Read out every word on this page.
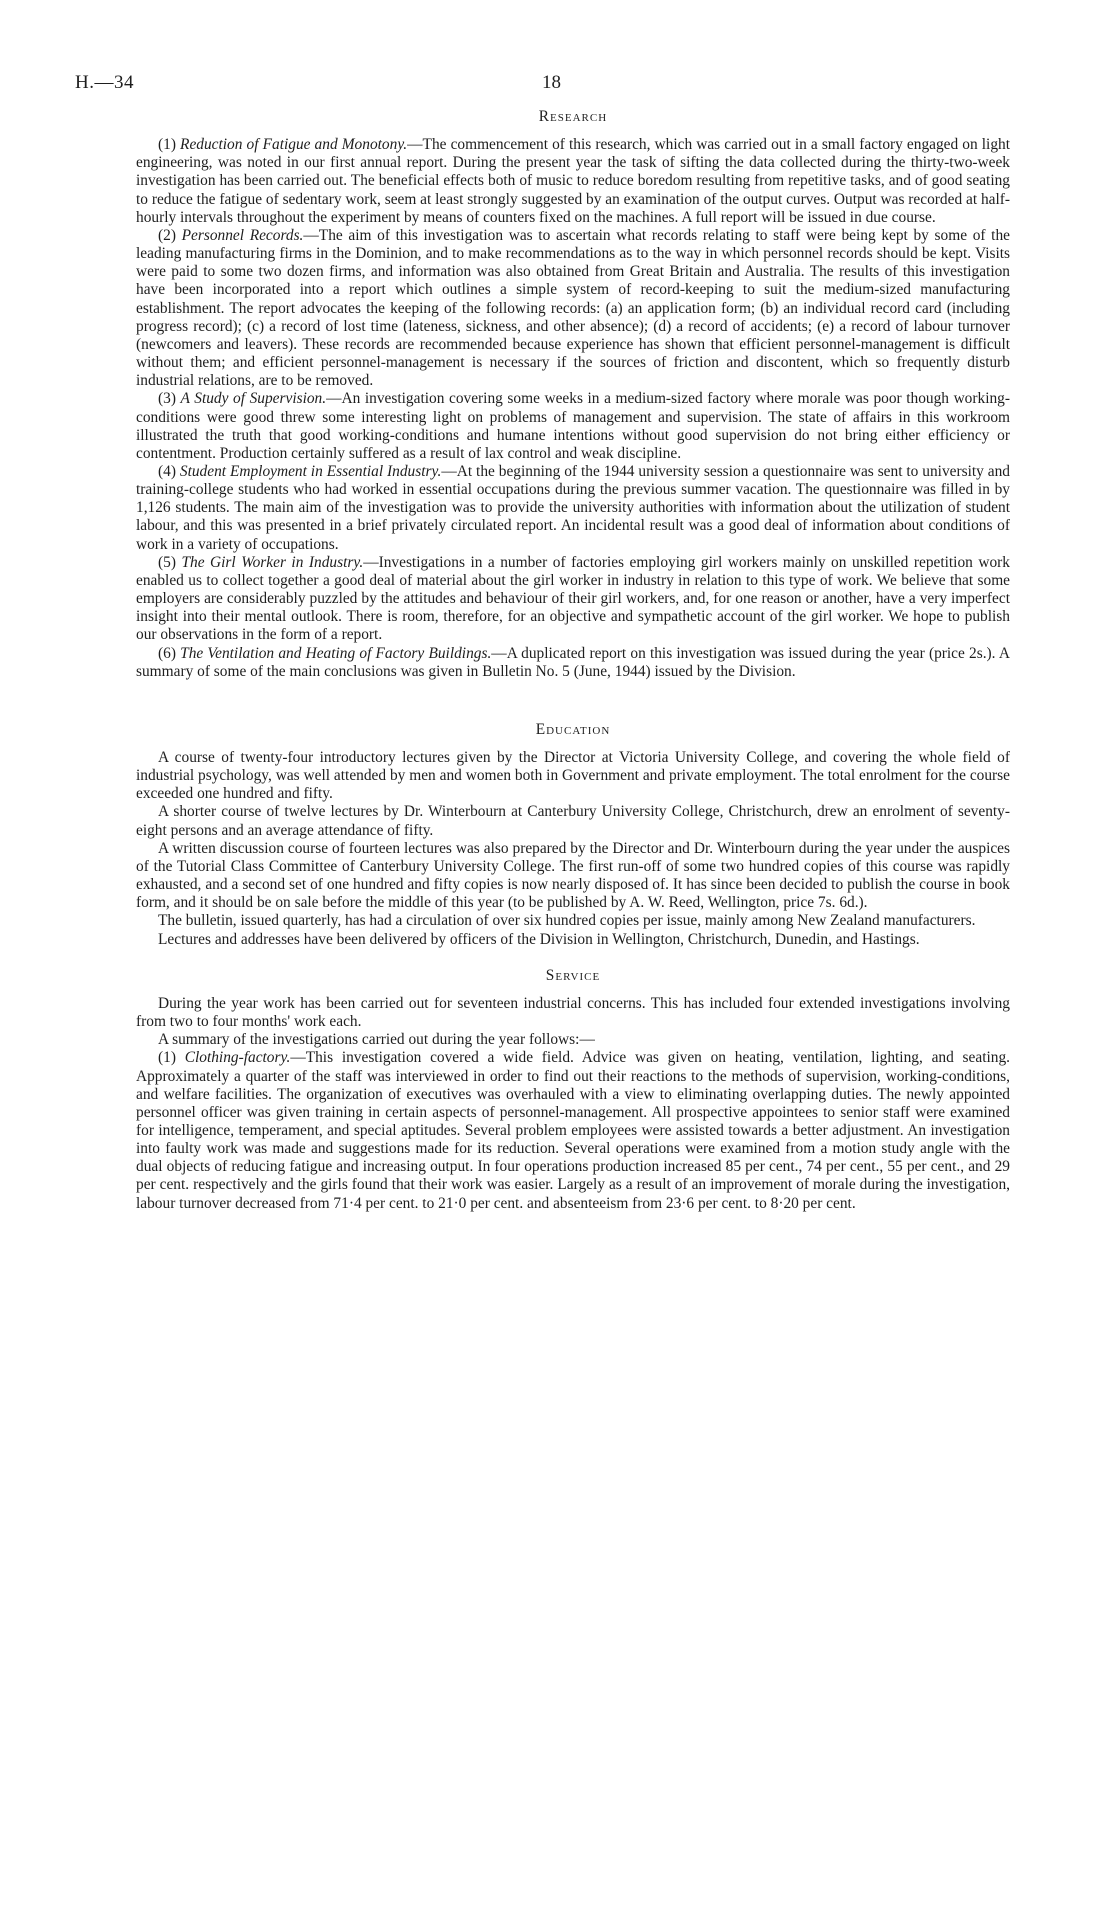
H.—34	18
Research

(1) Reduction of Fatigue and Monotony.—The commencement of this research, which was carried out in a small factory engaged on light engineering, was noted in our first annual report. During the present year the task of sifting the data collected during the thirty-two-week investigation has been carried out. The beneficial effects both of music to reduce boredom resulting from repetitive tasks, and of good seating to reduce the fatigue of sedentary work, seem at least strongly suggested by an examination of the output curves. Output was recorded at half-hourly intervals throughout the experiment by means of counters fixed on the machines. A full report will be issued in due course.

(2) Personnel Records.—The aim of this investigation was to ascertain what records relating to staff were being kept by some of the leading manufacturing firms in the Dominion, and to make recommendations as to the way in which personnel records should be kept. Visits were paid to some two dozen firms, and information was also obtained from Great Britain and Australia. The results of this investigation have been incorporated into a report which outlines a simple system of record-keeping to suit the medium-sized manufacturing establishment. The report advocates the keeping of the following records: (a) an application form; (b) an individual record card (including progress record); (c) a record of lost time (lateness, sickness, and other absence); (d) a record of accidents; (e) a record of labour turnover (newcomers and leavers). These records are recommended because experience has shown that efficient personnel-management is difficult without them; and efficient personnel-management is necessary if the sources of friction and discontent, which so frequently disturb industrial relations, are to be removed.

(3) A Study of Supervision.—An investigation covering some weeks in a medium-sized factory where morale was poor though working-conditions were good threw some interesting light on problems of management and supervision. The state of affairs in this workroom illustrated the truth that good working-conditions and humane intentions without good supervision do not bring either efficiency or contentment. Production certainly suffered as a result of lax control and weak discipline.

(4) Student Employment in Essential Industry.—At the beginning of the 1944 university session a questionnaire was sent to university and training-college students who had worked in essential occupations during the previous summer vacation. The questionnaire was filled in by 1,126 students. The main aim of the investigation was to provide the university authorities with information about the utilization of student labour, and this was presented in a brief privately circulated report. An incidental result was a good deal of information about conditions of work in a variety of occupations.

(5) The Girl Worker in Industry.—Investigations in a number of factories employing girl workers mainly on unskilled repetition work enabled us to collect together a good deal of material about the girl worker in industry in relation to this type of work. We believe that some employers are considerably puzzled by the attitudes and behaviour of their girl workers, and, for one reason or another, have a very imperfect insight into their mental outlook. There is room, therefore, for an objective and sympathetic account of the girl worker. We hope to publish our observations in the form of a report.

(6) The Ventilation and Heating of Factory Buildings.—A duplicated report on this investigation was issued during the year (price 2s.). A summary of some of the main conclusions was given in Bulletin No. 5 (June, 1944) issued by the Division.

Education

A course of twenty-four introductory lectures given by the Director at Victoria University College, and covering the whole field of industrial psychology, was well attended by men and women both in Government and private employment. The total enrolment for the course exceeded one hundred and fifty.

A shorter course of twelve lectures by Dr. Winterbourn at Canterbury University College, Christchurch, drew an enrolment of seventy-eight persons and an average attendance of fifty.

A written discussion course of fourteen lectures was also prepared by the Director and Dr. Winterbourn during the year under the auspices of the Tutorial Class Committee of Canterbury University College. The first run-off of some two hundred copies of this course was rapidly exhausted, and a second set of one hundred and fifty copies is now nearly disposed of. It has since been decided to publish the course in book form, and it should be on sale before the middle of this year (to be published by A. W. Reed, Wellington, price 7s. 6d.).

The bulletin, issued quarterly, has had a circulation of over six hundred copies per issue, mainly among New Zealand manufacturers.

Lectures and addresses have been delivered by officers of the Division in Wellington, Christchurch, Dunedin, and Hastings.

Service

During the year work has been carried out for seventeen industrial concerns. This has included four extended investigations involving from two to four months' work each.

A summary of the investigations carried out during the year follows:—

(1) Clothing-factory.—This investigation covered a wide field. Advice was given on heating, ventilation, lighting, and seating. Approximately a quarter of the staff was interviewed in order to find out their reactions to the methods of supervision, working-conditions, and welfare facilities. The organization of executives was overhauled with a view to eliminating overlapping duties. The newly appointed personnel officer was given training in certain aspects of personnel-management. All prospective appointees to senior staff were examined for intelligence, temperament, and special aptitudes. Several problem employees were assisted towards a better adjustment. An investigation into faulty work was made and suggestions made for its reduction. Several operations were examined from a motion study angle with the dual objects of reducing fatigue and increasing output. In four operations production increased 85 per cent., 74 per cent., 55 per cent., and 29 per cent. respectively and the girls found that their work was easier. Largely as a result of an improvement of morale during the investigation, labour turnover decreased from 71·4 per cent. to 21·0 per cent. and absenteeism from 23·6 per cent. to 8·20 per cent.
